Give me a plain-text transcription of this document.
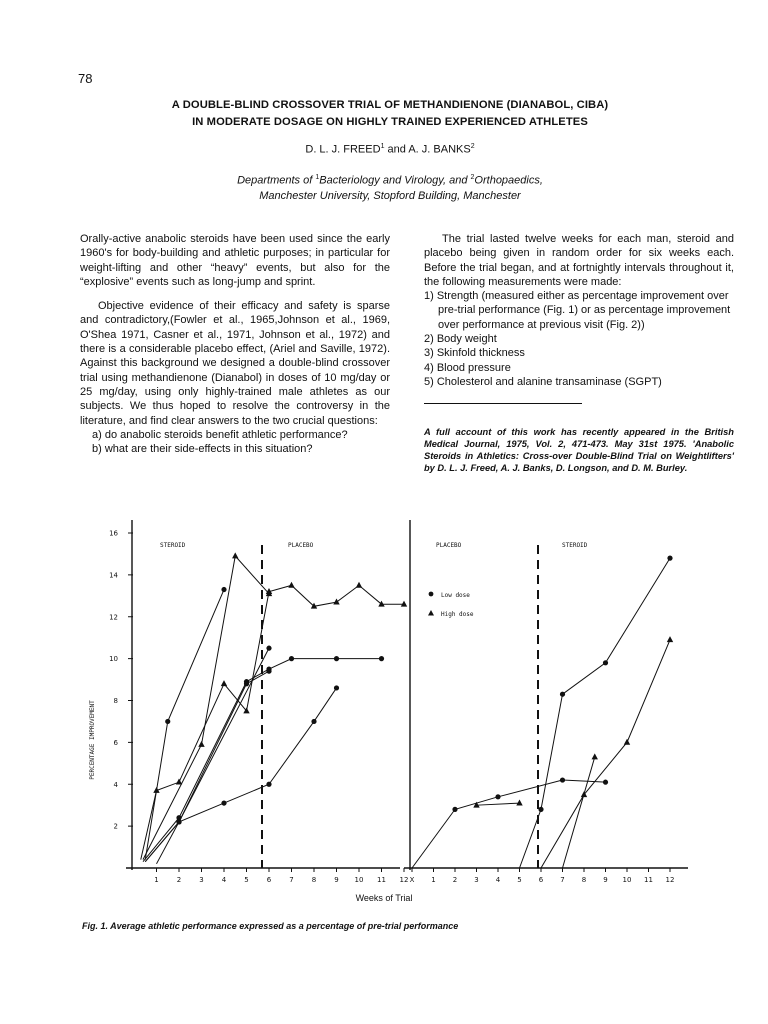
78
A DOUBLE-BLIND CROSSOVER TRIAL OF METHANDIENONE (DIANABOL, CIBA)
IN MODERATE DOSAGE ON HIGHLY TRAINED EXPERIENCED ATHLETES
D. L. J. FREED$^1$ and A. J. BANKS$^2$
Departments of $^1$Bacteriology and Virology, and $^2$Orthopaedics,
Manchester University, Stopford Building, Manchester

Orally-active anabolic steroids have been used since the early 1960's for body-building and athletic purposes; in particular for weight-lifting and other “heavy” events, but also for the “explosive” events such as long-jump and sprint.

Objective evidence of their efficacy and safety is sparse and contradictory,(Fowler et al., 1965,Johnson et al., 1969, O'Shea 1971, Casner et al., 1971, Johnson et al., 1972) and there is a considerable placebo effect, (Ariel and Saville, 1972). Against this background we designed a double-blind crossover trial using methandienone (Dianabol) in doses of 10 mg/day or 25 mg/day, using only highly-trained male athletes as our subjects. We thus hoped to resolve the controversy in the literature, and find clear answers to the two crucial questions:

a) do anabolic steroids benefit athletic performance?

b) what are their side-effects in this situation?

The trial lasted twelve weeks for each man, steroid and placebo being given in random order for six weeks each. Before the trial began, and at fortnightly intervals throughout it, the following measurements were made:

1) Strength (measured either as percentage improvement over pre-trial performance (Fig. 1) or as percentage improvement over performance at previous visit (Fig. 2))
2) Body weight
3) Skinfold thickness
4) Blood pressure
5) Cholesterol and alanine transaminase (SGPT)

A full account of this work has recently appeared in the British Medical Journal, 1975, Vol. 2, 471-473. May 31st 1975. 'Anabolic Steroids in Athletics: Cross-over Double-Blind Trial on Weightlifters' by D. L. J. Freed, A. J. Banks, D. Longson, and D. M. Burley.

2
4
6
8
10
12
14
16
PERCENTAGE IMPROVEMENT
1	2	3	4	5	6	7	8	9 10 11 12
STEROID	PLACEBO
X 1 2 3 4 5 6 7 8 9 10 11 12
PLACEBO	STEROID
Low dose
High dose
Weeks of Trial
Fig. 1. Average athletic performance expressed as a percentage of pre-trial performance
